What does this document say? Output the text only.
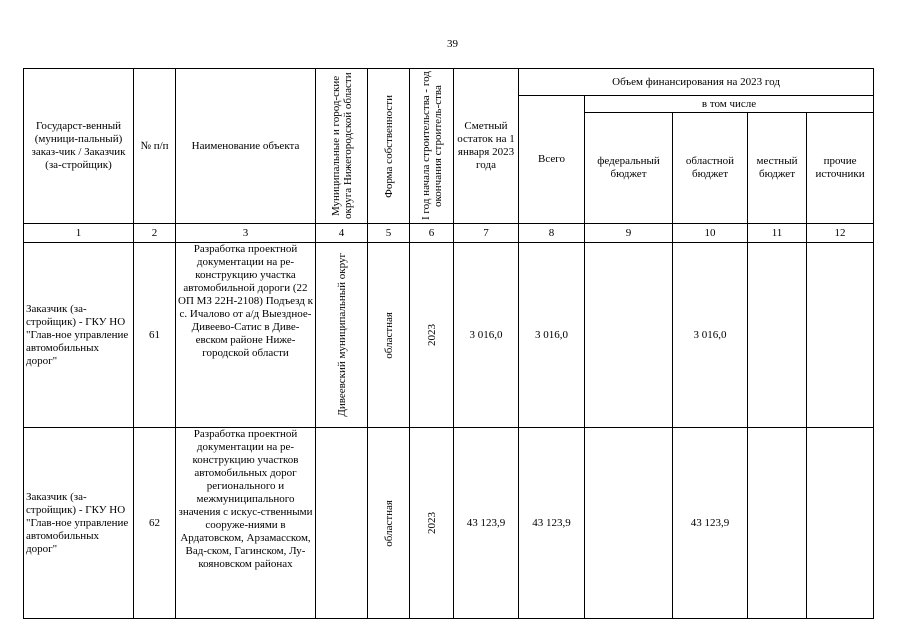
39
Государст-венный (муници-пальный) заказ-чик / Заказчик (за-стройщик)	№ п/п	Наименование объекта	Муниципальные и город-ские округа Нижегородской области	Форма собственности	I год начала строительства - год окончания строитель-ства	Сметный остаток на 1 января 2023 года	Объем финансирования на 2023 год				
							Всего	в том числе			
								федеральный бюджет	областной бюджет	местный бюджет	прочие источники
1	2	3	4	5	6	7	8	9	10	11	12
Заказчик (за-стройщик) - ГКУ НО "Глав-ное управление автомобильных дорог"	61	Разработка проектной документации на ре-конструкцию участка автомобильной дороги (22 ОП МЗ 22Н-2108) Подъезд к с. Ичалово от а/д Выездное-Дивеево-Сатис в Диве-евском районе Ниже-городской области	Дивеевский муниципальный округ	областная	2023	3 016,0	3 016,0		3 016,0		
Заказчик (за-стройщик) - ГКУ НО "Глав-ное управление автомобильных дорог"	62	Разработка проектной документации на ре-конструкцию участков автомобильных дорог регионального и межмуниципального значения с искус-ственными сооруже-ниями в Ардатовском, Арзамасском, Вад-ском, Гагинском, Лу-кояновском районах		областная	2023	43 123,9	43 123,9		43 123,9		
